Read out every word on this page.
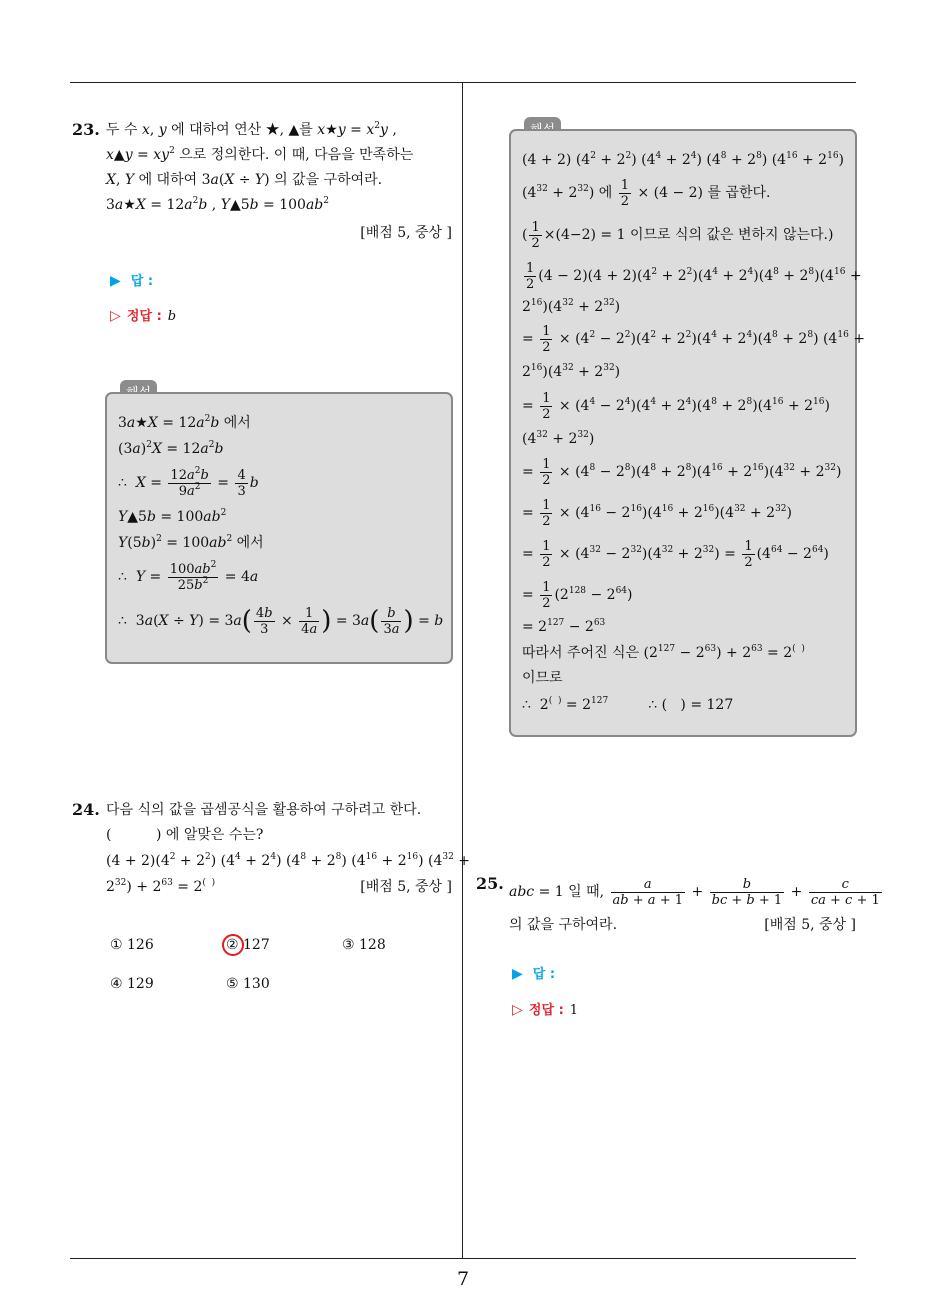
23. 두 수 x, y 에 대하여 연산 ★, ▲를 x★y = $x^2y$ ,
x▲y = $xy^2$ 으로 정의한다. 이 때, 다음을 만족하는
X, Y 에 대하여 3a(X ÷ Y) 의 값을 구하여라.
3a★X = $12a^2b$ , Y▲5b = $100ab^2$
[배점 5, 중상 ]
▶ 답 :
▷ 정답 : b
3a★X = $12a^2b$ 에서
$(3a)^2X = 12a^2b$
∴  $X = \frac{12a^2b}{9a^2} = \frac{4}{3}$ b
Y▲5b = $100ab^2$
$Y(5b)^2 = 100ab^2$ 에서
∴  $Y = \frac{100ab^2}{25b^2} = 4a$
∴  $3a(X \div Y) = 3a( \frac{4b}{3} \times \frac{1}{4a}$ ) = $3a( \frac{b}{3a}$ ) = b
24. 다음 식의 값을 곱셈공식을 활용하여 구하려고 한다.
(          ) 에 알맞은 수는?
$(4 + 2)(4^2 + 2^2)$ $(4^4 + 2^4) (4^8 + 2^8) (4^{16} + 2^{16}) (4^{32}$ +
$2^{32}) + 2^{63} = 2^{( )}$	[배점 5, 중상 ]
① 126	② 127	③ 128
④ 129	⑤ 130
(4 + 2) $(4^2 + 2^2) (4^4 + 2^4) (4^8 + 2^8) (4^{16} + 2^{16})$
$(4^{32} + 2^{32})$ 에 $\frac{1}{2} \times (4 - 2)$ 를 곱한다.
( $\frac{1}{2} \times(4-2) = 1$ 이므로 식의 값은 변하지 않는다.)
$\frac{1}{2} (4 - 2)(4 + 2)(4^2 + 2^2)(4^4 + 2^4)(4^8 + 2^8)(4^{16}$ +
$2^{16})(4^{32} + 2^{32})$
= $\frac{1}{2} \times (4^2 - 2^2)(4^2 + 2^2)(4^4 + 2^4)(4^8 + 2^8) (4^{16}$ +
$2^{16})(4^{32} + 2^{32})$
= $\frac{1}{2} \times (4^4 - 2^4)(4^4 + 2^4)(4^8 + 2^8)(4^{16} + 2^{16})$
$(4^{32} + 2^{32})$
= $\frac{1}{2} \times (4^8 - 2^8)(4^8 + 2^8)(4^{16} + 2^{16})(4^{32} + 2^{32})$
= $\frac{1}{2} \times (4^{16} - 2^{16})(4^{16} + 2^{16})(4^{32} + 2^{32})$
= $\frac{1}{2} \times (4^{32} - 2^{32})(4^{32} + 2^{32}) = \frac{1}{2} (4^{64} - 2^{64})$
= $\frac{1}{2} (2^{128} - 2^{64})$
= $2^{127} - 2^{63}$
따라서 주어진 식은 $(2^{127} - 2^{63}) + 2^{63} = 2^{( )}$
이므로
∴  $2^{( )} = 2^{127}$         ∴ (   ) = 127
25. abc = 1 일 때, $\frac{a}{ab + a + 1} + \frac{b}{bc + b + 1} + \frac{c}{ca + c + 1}$
의 값을 구하여라.	[배점 5, 중상 ]
▶ 답 :
▷ 정답 : 1
7
